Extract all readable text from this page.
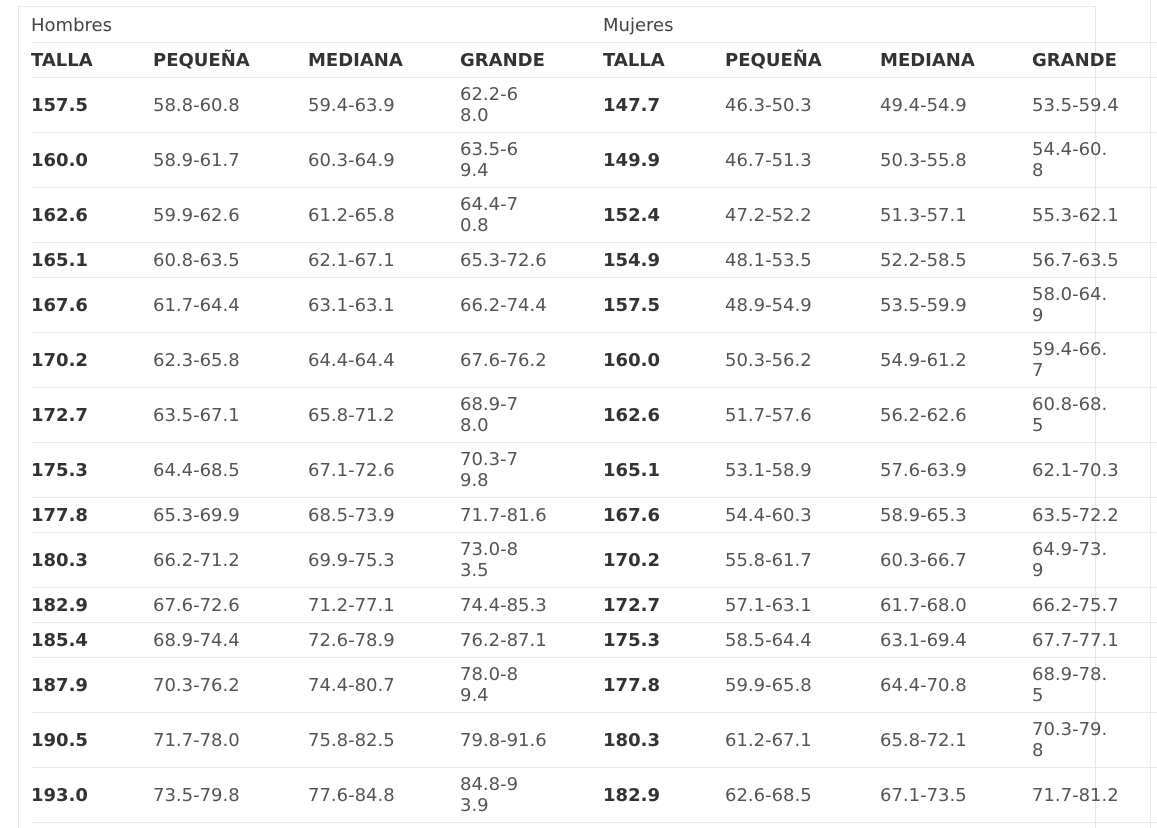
Hombres				Mujeres			
TALLA	PEQUEÑA	MEDIANA	GRANDE	TALLA	PEQUEÑA	MEDIANA	GRANDE
157.5	58.8-60.8	59.4-63.9	62.2-68.0	147.7	46.3-50.3	49.4-54.9	53.5-59.4
160.0	58.9-61.7	60.3-64.9	63.5-69.4	149.9	46.7-51.3	50.3-55.8	54.4-60.8
162.6	59.9-62.6	61.2-65.8	64.4-70.8	152.4	47.2-52.2	51.3-57.1	55.3-62.1
165.1	60.8-63.5	62.1-67.1	65.3-72.6	154.9	48.1-53.5	52.2-58.5	56.7-63.5
167.6	61.7-64.4	63.1-63.1	66.2-74.4	157.5	48.9-54.9	53.5-59.9	58.0-64.9
170.2	62.3-65.8	64.4-64.4	67.6-76.2	160.0	50.3-56.2	54.9-61.2	59.4-66.7
172.7	63.5-67.1	65.8-71.2	68.9-78.0	162.6	51.7-57.6	56.2-62.6	60.8-68.5
175.3	64.4-68.5	67.1-72.6	70.3-79.8	165.1	53.1-58.9	57.6-63.9	62.1-70.3
177.8	65.3-69.9	68.5-73.9	71.7-81.6	167.6	54.4-60.3	58.9-65.3	63.5-72.2
180.3	66.2-71.2	69.9-75.3	73.0-83.5	170.2	55.8-61.7	60.3-66.7	64.9-73.9
182.9	67.6-72.6	71.2-77.1	74.4-85.3	172.7	57.1-63.1	61.7-68.0	66.2-75.7
185.4	68.9-74.4	72.6-78.9	76.2-87.1	175.3	58.5-64.4	63.1-69.4	67.7-77.1
187.9	70.3-76.2	74.4-80.7	78.0-89.4	177.8	59.9-65.8	64.4-70.8	68.9-78.5
190.5	71.7-78.0	75.8-82.5	79.8-91.6	180.3	61.2-67.1	65.8-72.1	70.3-79.8
193.0	73.5-79.8	77.6-84.8	84.8-93.9	182.9	62.6-68.5	67.1-73.5	71.7-81.2
